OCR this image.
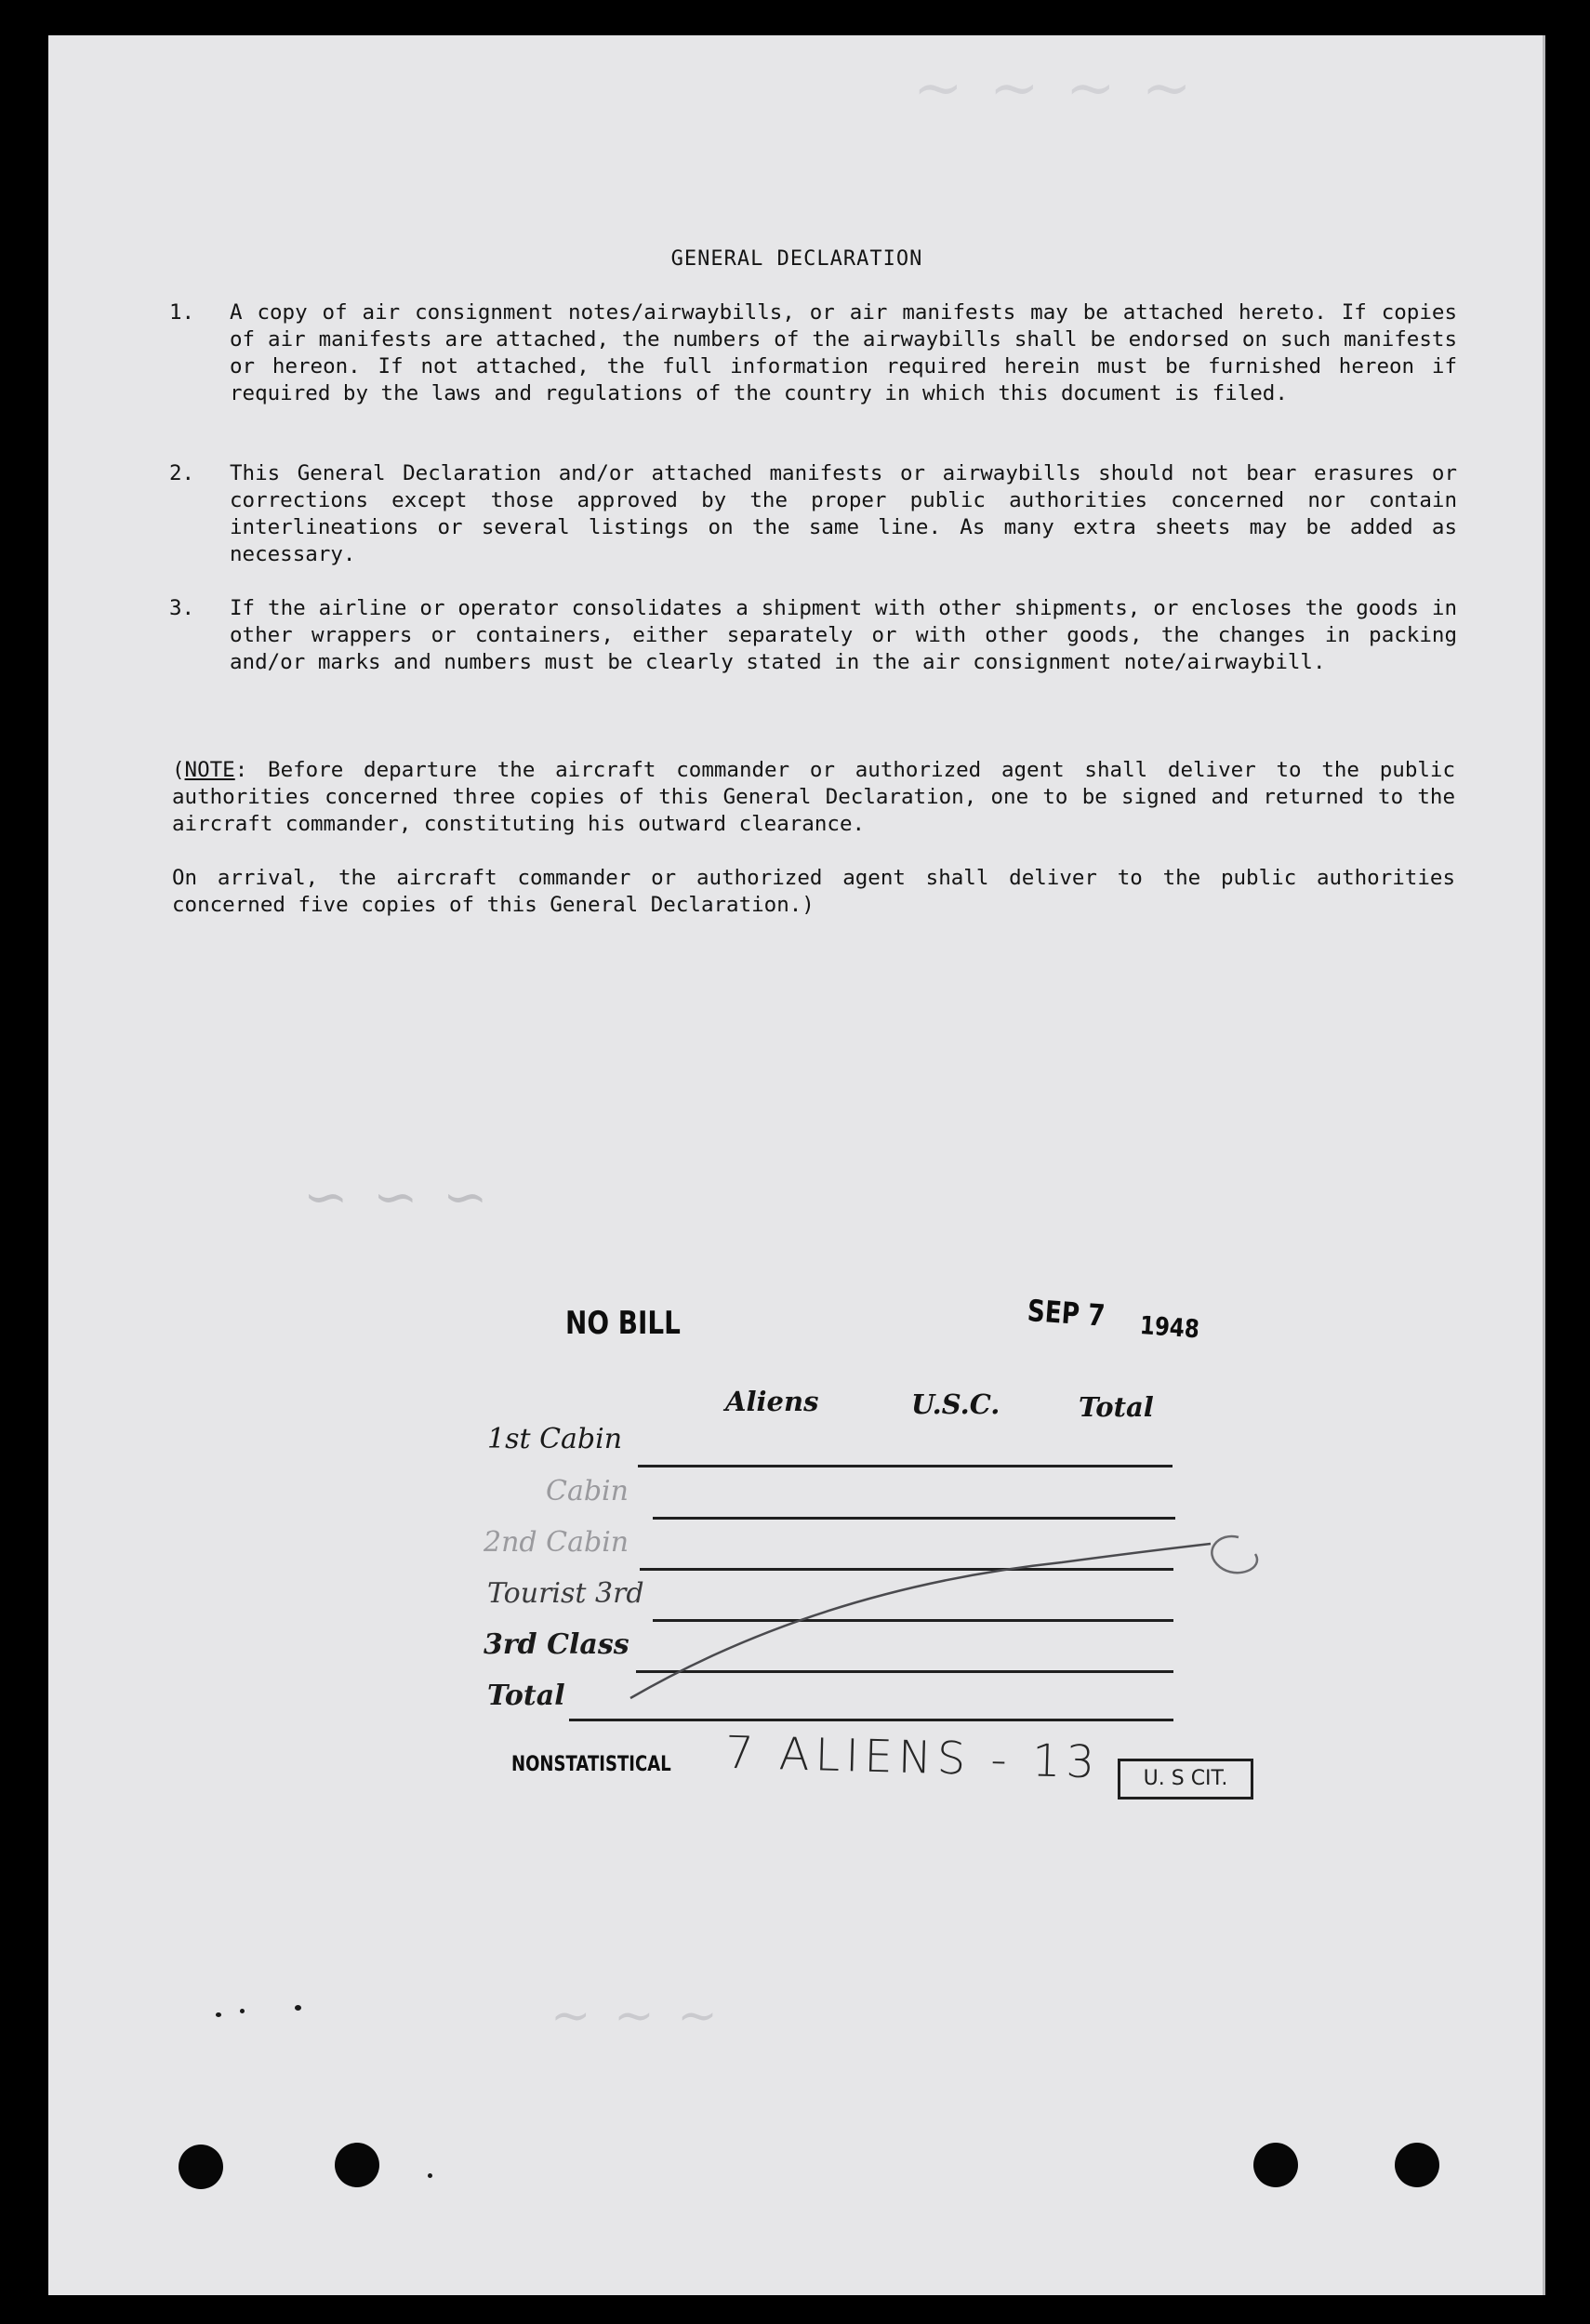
~ ~ ~ ~
~ ~ ~
~ ~ ~
GENERAL DECLARATION
1.	A copy of air consignment notes/airwaybills, or air manifests may be attached hereto. If copies of air manifests are attached, the numbers of the airwaybills shall be endorsed on such manifests or hereon. If not attached, the full information required herein must be furnished hereon if required by the laws and regulations of the country in which this document is filed.
2.	This General Declaration and/or attached manifests or airwaybills should not bear erasures or corrections except those approved by the proper public authorities concerned nor contain interlineations or several listings on the same line. As many extra sheets may be added as necessary.
3.	If the airline or operator consolidates a shipment with other shipments, or encloses the goods in other wrappers or containers, either separately or with other goods, the changes in packing and/or marks and numbers must be clearly stated in the air consignment note/airwaybill.
(NOTE: Before departure the aircraft commander or authorized agent shall deliver to the public authorities concerned three copies of this General Declaration, one to be signed and returned to the aircraft commander, constituting his outward clearance.
On arrival, the aircraft commander or authorized agent shall deliver to the public authorities concerned five copies of this General Declaration.)
NO BILL	SEP 7 1948
Aliens	U.S.C.	Total
1st Cabin
Cabin
2nd Cabin
Tourist 3rd
3rd Class
Total
NONSTATISTICAL 7 ALIENS - 13	U. S CIT.
